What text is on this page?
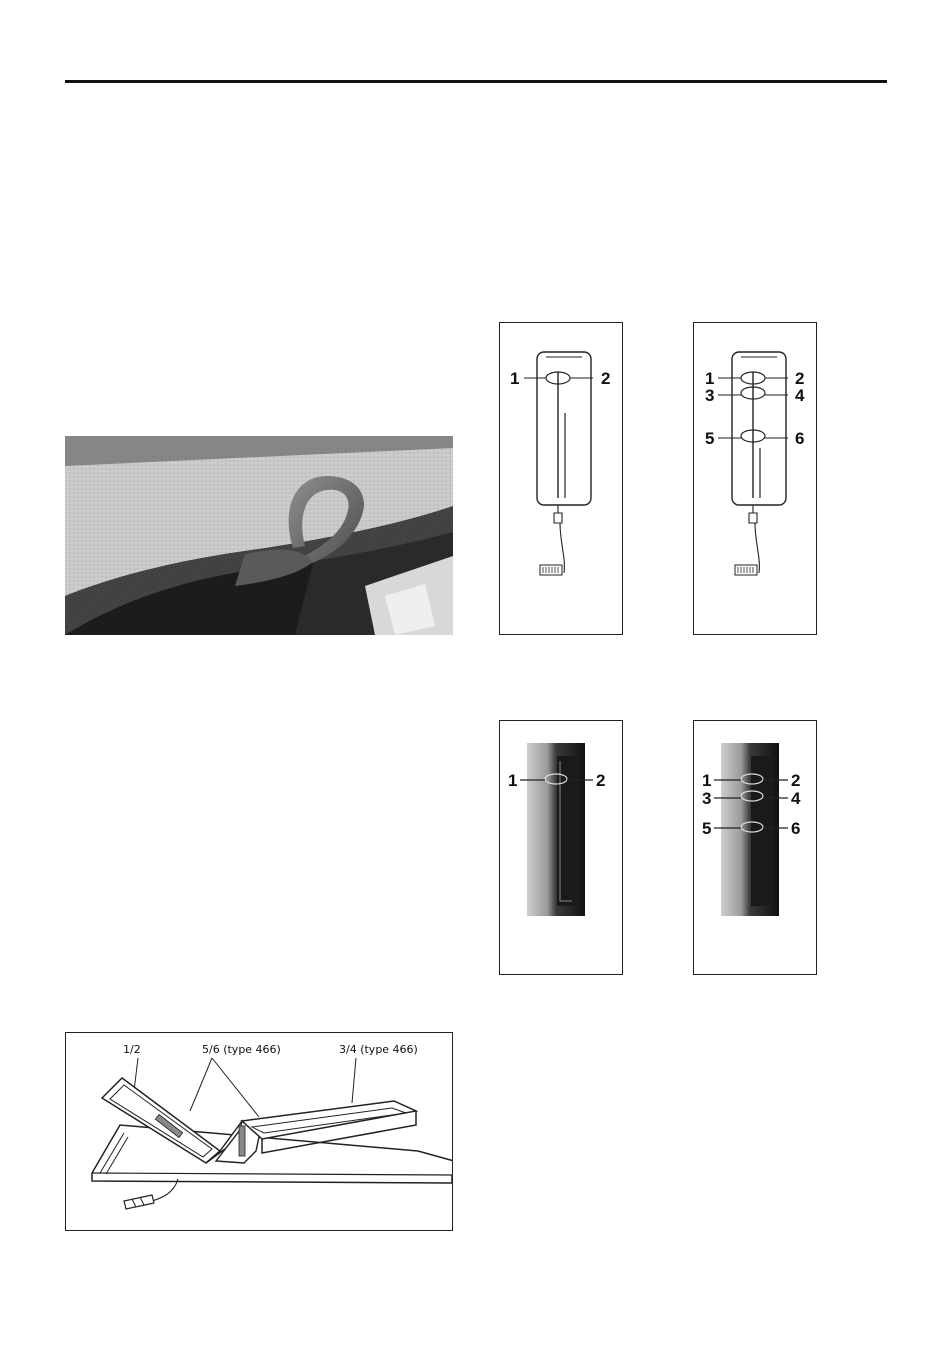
1	2	1	2
3	4
5	6
1	2	1	2
3	4
5	6
1/2	5/6 (type 466)	3/4 (type 466)
